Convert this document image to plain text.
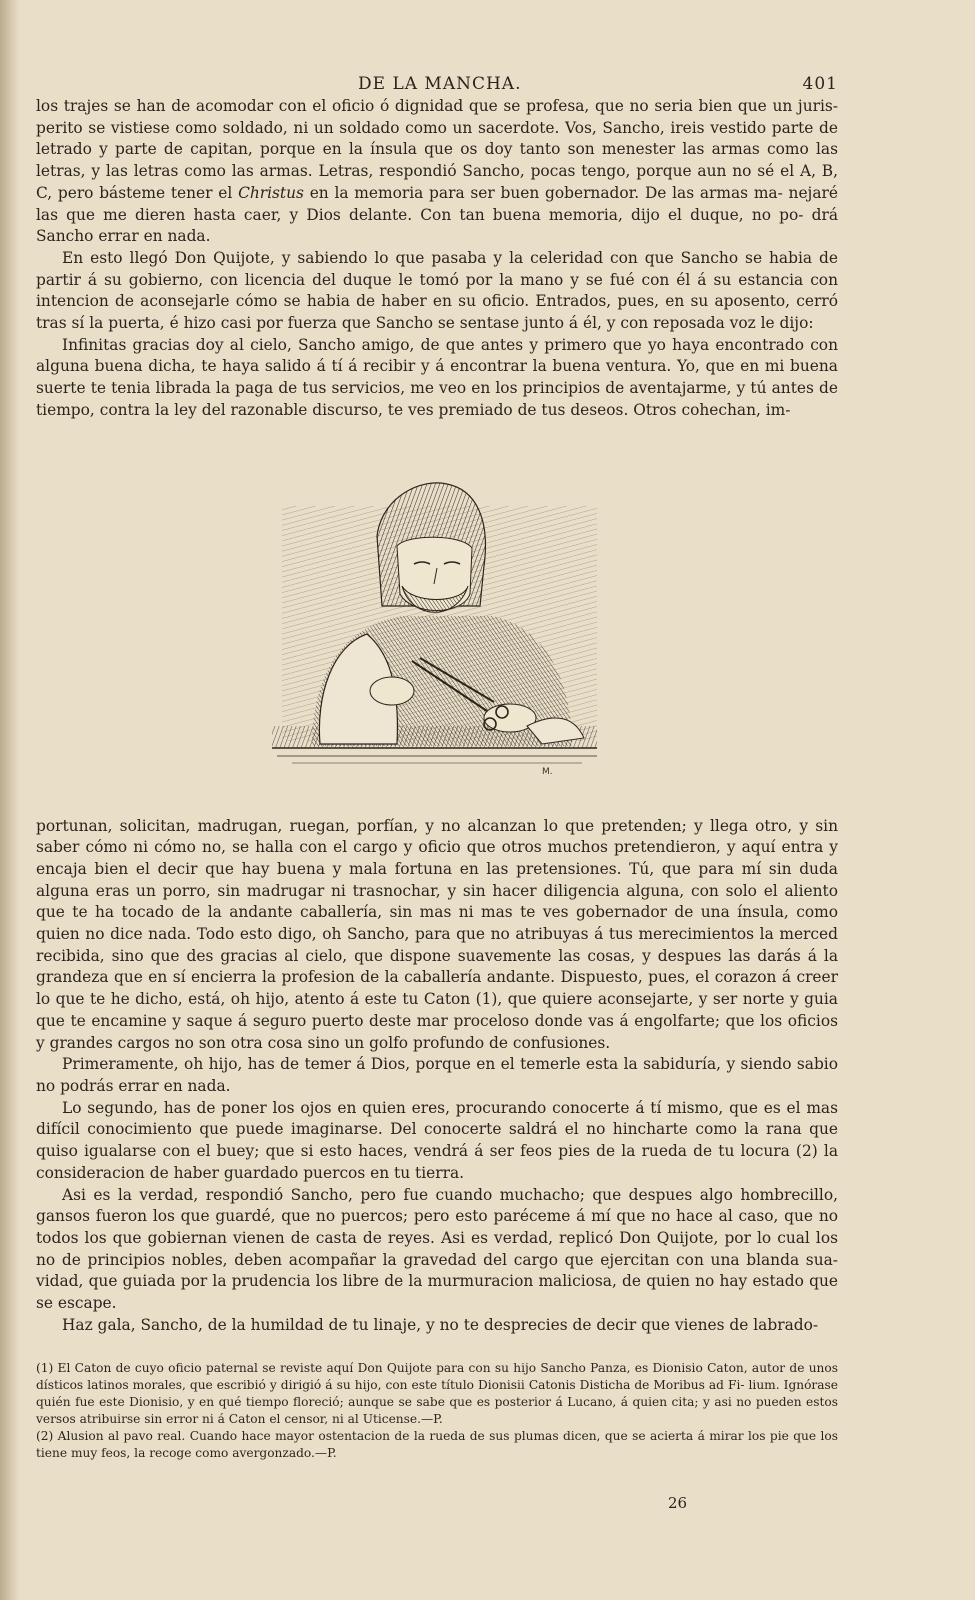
DE LA MANCHA.	401

los trajes se han de acomodar con el oficio ó dignidad que se profesa, que no seria bien que un juris- perito se vistiese como soldado, ni un soldado como un sacerdote. Vos, Sancho, ireis vestido parte de letrado y parte de capitan, porque en la ínsula que os doy tanto son menester las armas como las letras, y las letras como las armas. Letras, respondió Sancho, pocas tengo, porque aun no sé el A, B, C, pero básteme tener el Christus en la memoria para ser buen gobernador. De las armas ma- nejaré las que me dieren hasta caer, y Dios delante. Con tan buena memoria, dijo el duque, no po- drá Sancho errar en nada.

En esto llegó Don Quijote, y sabiendo lo que pasaba y la celeridad con que Sancho se habia de partir á su gobierno, con licencia del duque le tomó por la mano y se fué con él á su estancia con intencion de aconsejarle cómo se habia de haber en su oficio. Entrados, pues, en su aposento, cerró tras sí la puerta, é hizo casi por fuerza que Sancho se sentase junto á él, y con reposada voz le dijo:

Infinitas gracias doy al cielo, Sancho amigo, de que antes y primero que yo haya encontrado con alguna buena dicha, te haya salido á tí á recibir y á encontrar la buena ventura. Yo, que en mi buena suerte te tenia librada la paga de tus servicios, me veo en los principios de aventajarme, y tú antes de tiempo, contra la ley del razonable discurso, te ves premiado de tus deseos. Otros cohechan, im-

M.

portunan, solicitan, madrugan, ruegan, porfían, y no alcanzan lo que pretenden; y llega otro, y sin saber cómo ni cómo no, se halla con el cargo y oficio que otros muchos pretendieron, y aquí entra y encaja bien el decir que hay buena y mala fortuna en las pretensiones. Tú, que para mí sin duda alguna eras un porro, sin madrugar ni trasnochar, y sin hacer diligencia alguna, con solo el aliento que te ha tocado de la andante caballería, sin mas ni mas te ves gobernador de una ínsula, como quien no dice nada. Todo esto digo, oh Sancho, para que no atribuyas á tus merecimientos la merced recibida, sino que des gracias al cielo, que dispone suavemente las cosas, y despues las darás á la grandeza que en sí encierra la profesion de la caballería andante. Dispuesto, pues, el corazon á creer lo que te he dicho, está, oh hijo, atento á este tu Caton (1), que quiere aconsejarte, y ser norte y guia que te encamine y saque á seguro puerto deste mar proceloso donde vas á engolfarte; que los oficios y grandes cargos no son otra cosa sino un golfo profundo de confusiones.

Primeramente, oh hijo, has de temer á Dios, porque en el temerle esta la sabiduría, y siendo sabio no podrás errar en nada.

Lo segundo, has de poner los ojos en quien eres, procurando conocerte á tí mismo, que es el mas difícil conocimiento que puede imaginarse. Del conocerte saldrá el no hincharte como la rana que quiso igualarse con el buey; que si esto haces, vendrá á ser feos pies de la rueda de tu locura (2) la consideracion de haber guardado puercos en tu tierra.

Asi es la verdad, respondió Sancho, pero fue cuando muchacho; que despues algo hombrecillo, gansos fueron los que guardé, que no puercos; pero esto paréceme á mí que no hace al caso, que no todos los que gobiernan vienen de casta de reyes. Asi es verdad, replicó Don Quijote, por lo cual los no de principios nobles, deben acompañar la gravedad del cargo que ejercitan con una blanda sua- vidad, que guiada por la prudencia los libre de la murmuracion maliciosa, de quien no hay estado que se escape.

Haz gala, Sancho, de la humildad de tu linaje, y no te desprecies de decir que vienes de labrado-

(1) El Caton de cuyo oficio paternal se reviste aquí Don Quijote para con su hijo Sancho Panza, es Dionisio Caton, autor de unos dísticos latinos morales, que escribió y dirigió á su hijo, con este título Dionisii Catonis Disticha de Moribus ad Fi- lium. Ignórase quién fue este Dionisio, y en qué tiempo floreció; aunque se sabe que es posterior á Lucano, á quien cita; y asi no pueden estos versos atribuirse sin error ni á Caton el censor, ni al Uticense.—P.

(2) Alusion al pavo real. Cuando hace mayor ostentacion de la rueda de sus plumas dicen, que se acierta á mirar los pie que los tiene muy feos, la recoge como avergonzado.—P.

26
